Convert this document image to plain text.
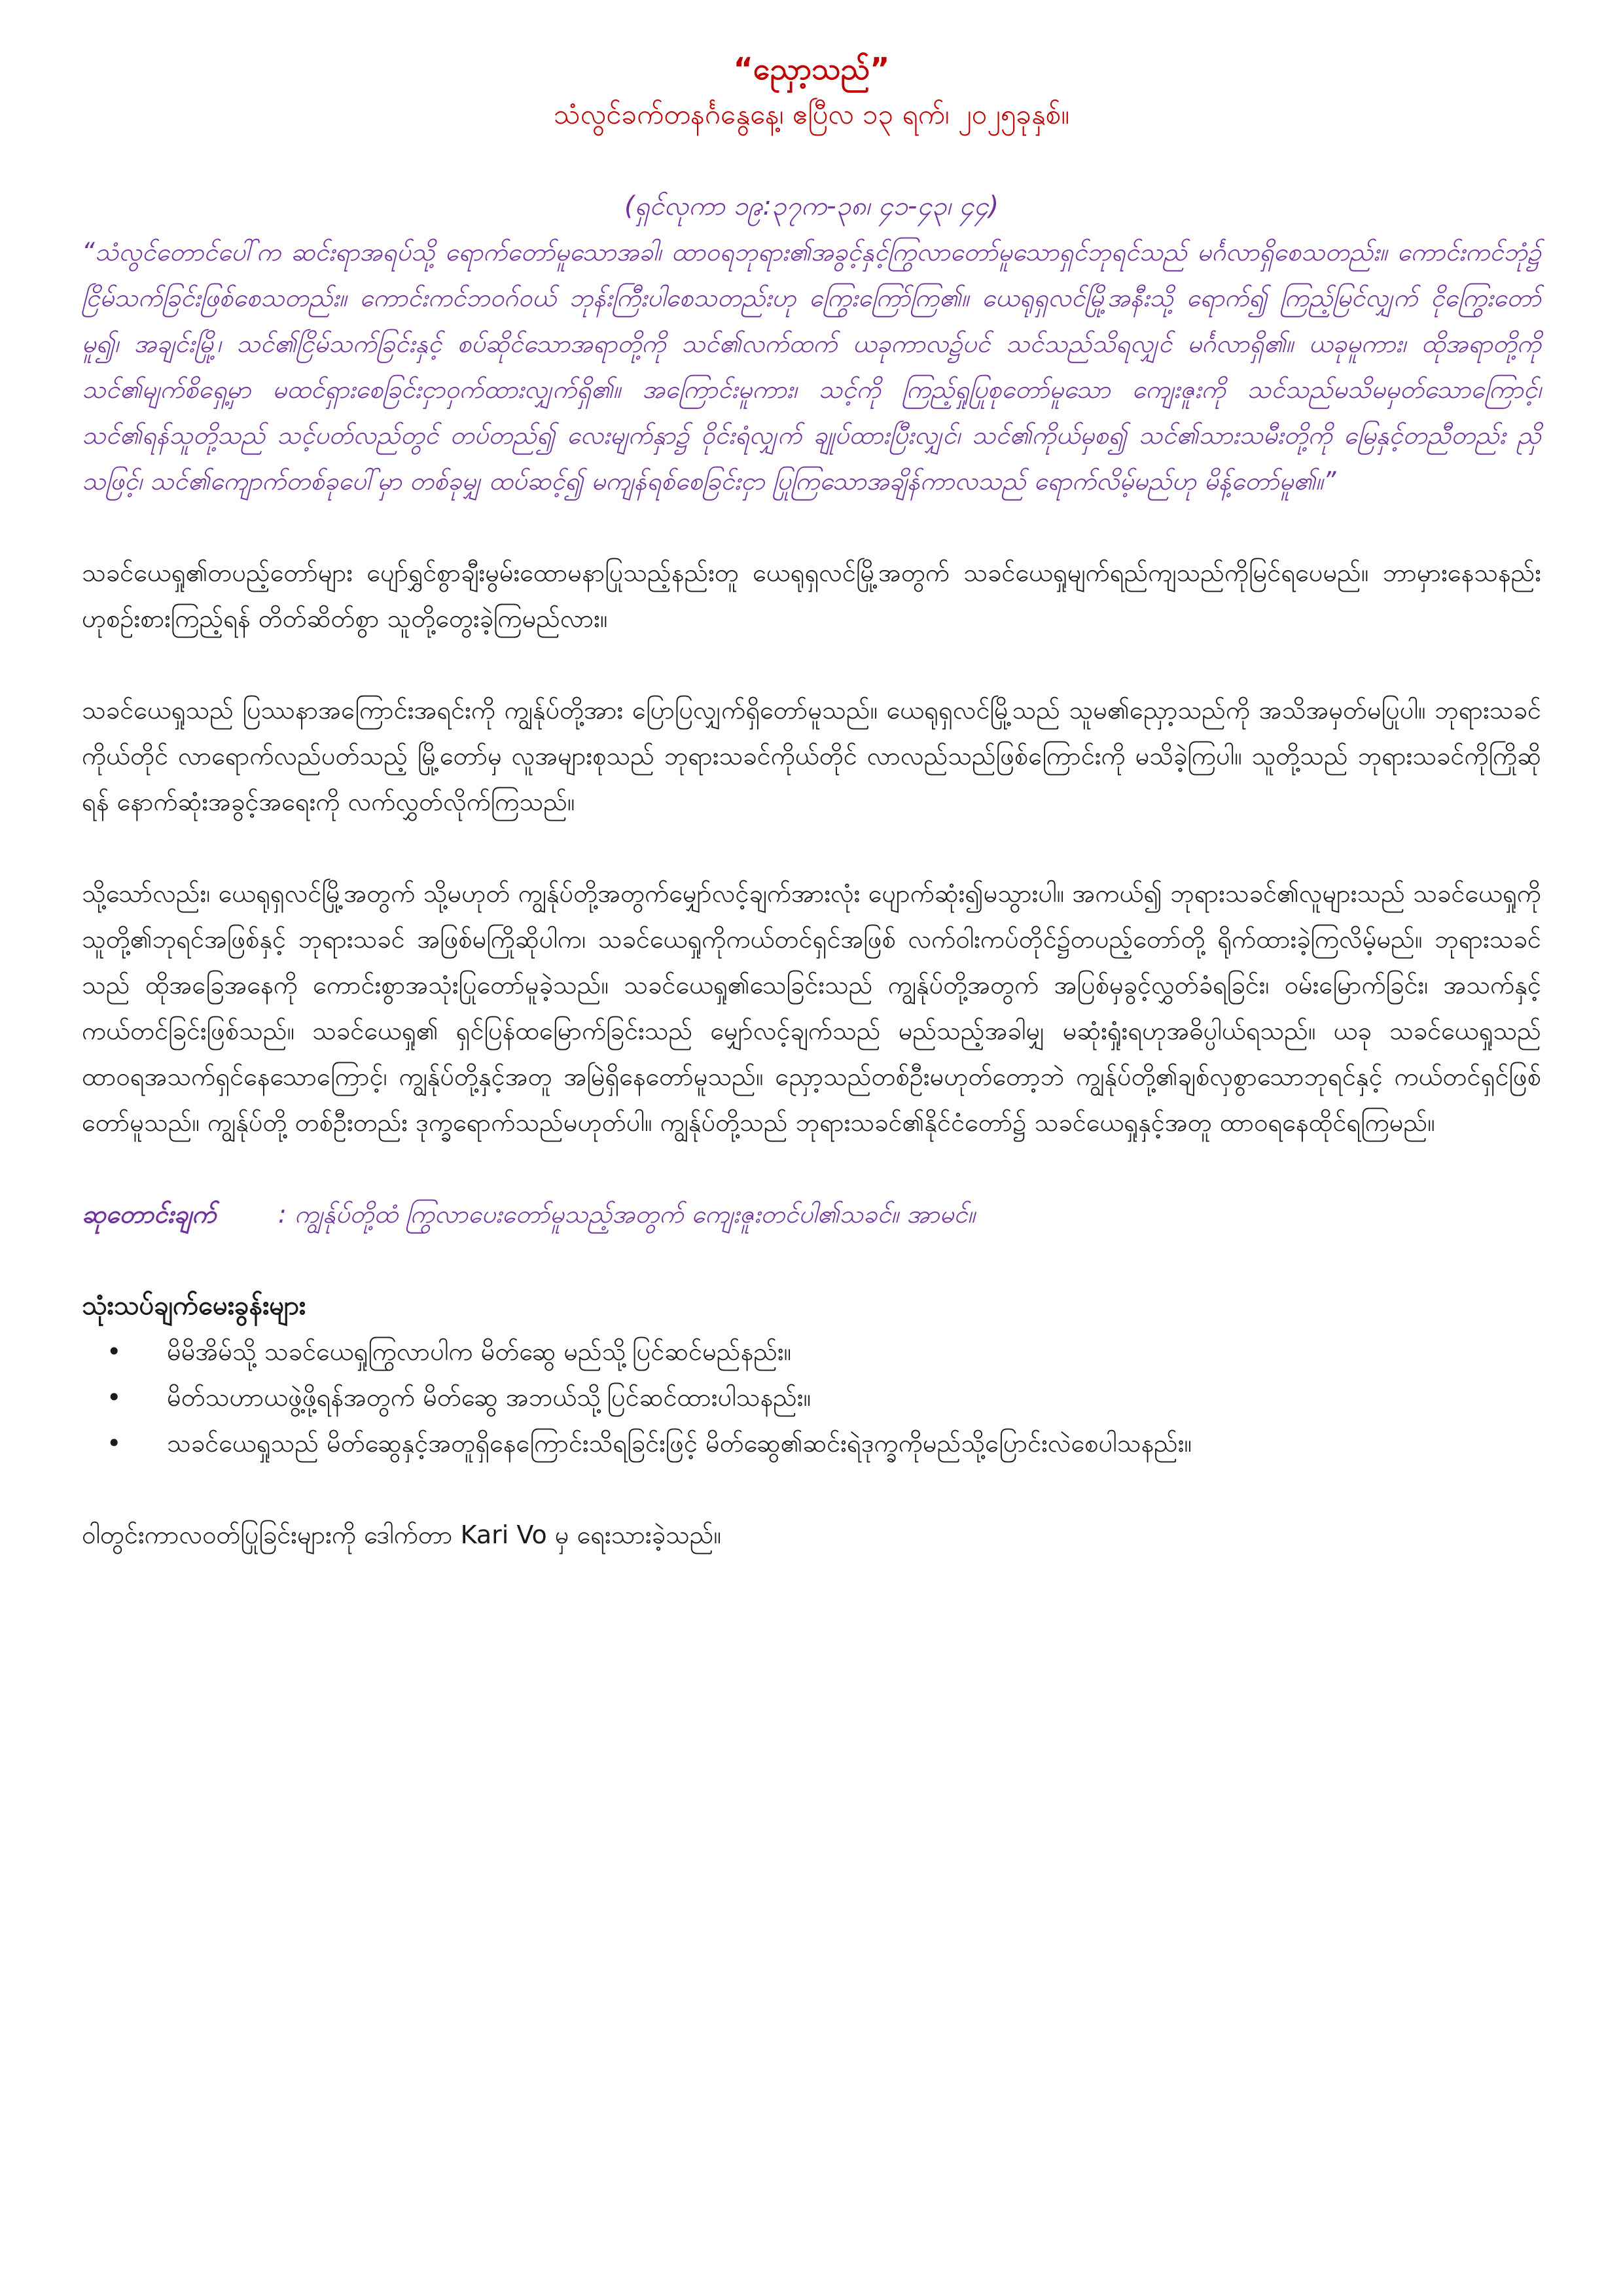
“ညှော့သည်”

သံလွင်ခက်တနင်္ဂနွေနေ့၊ ဧပြီလ ၁၃ ရက်၊ ၂၀၂၅ခုနှစ်။

(ရှင်လုကာ ၁၉:၃၇က-၃၈၊ ၄၁-၄၃၊ ၄၄)

“သံလွင်တောင်ပေါ်က ဆင်းရာအရပ်သို့ ရောက်တော်မူသောအခါ၊ ထာဝရဘုရား၏အခွင့်နှင့်ကြွလာတော်မူသောရှင်ဘုရင်သည် မင်္ဂလာရှိစေသတည်း။ ကောင်းကင်ဘုံ၌ ငြိမ်သက်ခြင်းဖြစ်စေသတည်း။ ကောင်းကင်ဘဝဂ်ဝယ် ဘုန်းကြီးပါစေသတည်းဟု ကြွေးကြော်ကြ၏။ ယေရုရှလင်မြို့အနီးသို့ ရောက်၍ ကြည့်မြင်လျှက် ငိုကြွေးတော်မူ၍၊ အချင်းမြို့၊ သင်၏ငြိမ်သက်ခြင်းနှင့် စပ်ဆိုင်သောအရာတို့ကို သင်၏လက်ထက် ယခုကာလ၌ပင် သင်သည်သိရလျှင် မင်္ဂလာရှိ၏။ ယခုမူကား၊ ထိုအရာတို့ကို သင်၏မျက်စိရှေ့မှာ မထင်ရှားစေခြင်းငှာဝှက်ထားလျှက်ရှိ၏။ အကြောင်းမူကား၊ သင့်ကို ကြည့်ရှုပြုစုတော်မူသော ကျေးဇူးကို သင်သည်မသိမမှတ်သောကြောင့်၊ သင်၏ရန်သူတို့သည် သင့်ပတ်လည်တွင် တပ်တည်၍ လေးမျက်နှာ၌ ဝိုင်းရံလျှက် ချုပ်ထားပြီးလျှင်၊ သင်၏ကိုယ်မှစ၍ သင်၏သားသမီးတို့ကို မြေနှင့်တညီတည်း ညှိသဖြင့်၊ သင်၏ကျောက်တစ်ခုပေါ်မှာ တစ်ခုမျှ ထပ်ဆင့်၍ မကျန်ရစ်စေခြင်းငှာ ပြုကြသောအချိန်ကာလသည် ရောက်လိမ့်မည်ဟု မိန့်တော်မူ၏။”

သခင်ယေရှု၏တပည့်တော်များ ပျော်ရွှင်စွာချီးမွမ်းထောမနာပြုသည့်နည်းတူ ယေရုရှလင်မြို့အတွက် သခင်ယေရှုမျက်ရည်ကျသည်ကိုမြင်ရပေမည်။ ဘာမှားနေသနည်းဟုစဉ်းစားကြည့်ရန် တိတ်ဆိတ်စွာ သူတို့တွေးခဲ့ကြမည်လား။

သခင်ယေရှုသည် ပြဿနာအကြောင်းအရင်းကို ကျွန်ုပ်တို့အား ပြောပြလျှက်ရှိတော်မူသည်။ ယေရုရှလင်မြို့သည် သူမ၏ညှော့သည်ကို အသိအမှတ်မပြုပါ။ ဘုရားသခင်ကိုယ်တိုင် လာရောက်လည်ပတ်သည့် မြို့တော်မှ လူအများစုသည် ဘုရားသခင်ကိုယ်တိုင် လာလည်သည်ဖြစ်ကြောင်းကို မသိခဲ့ကြပါ။ သူတို့သည် ဘုရားသခင်ကိုကြိုဆိုရန် နောက်ဆုံးအခွင့်အရေးကို လက်လွှတ်လိုက်ကြသည်။

သို့သော်လည်း၊ ယေရုရှလင်မြို့အတွက် သို့မဟုတ် ကျွန်ုပ်တို့အတွက်မျှော်လင့်ချက်အားလုံး ပျောက်ဆုံး၍မသွားပါ။ အကယ်၍ ဘုရားသခင်၏လူများသည် သခင်ယေရှုကို သူတို့၏ဘုရင်အဖြစ်နှင့် ဘုရားသခင် အဖြစ်မကြိုဆိုပါက၊ သခင်ယေရှုကိုကယ်တင်ရှင်အဖြစ် လက်ဝါးကပ်တိုင်၌တပည့်တော်တို့ ရိုက်ထားခဲ့ကြလိမ့်မည်။ ဘုရားသခင်သည် ထိုအခြေအနေကို ကောင်းစွာအသုံးပြုတော်မူခဲ့သည်။ သခင်ယေရှု၏သေခြင်းသည် ကျွန်ုပ်တို့အတွက် အပြစ်မှခွင့်လွှတ်ခံရခြင်း၊ ဝမ်းမြောက်ခြင်း၊ အသက်နှင့် ကယ်တင်ခြင်းဖြစ်သည်။ သခင်ယေရှု၏ ရှင်ပြန်ထမြောက်ခြင်းသည် မျှော်လင့်ချက်သည် မည်သည့်အခါမျှ မဆုံးရှုံးရဟုအဓိပ္ပါယ်ရသည်။ ယခု သခင်ယေရှုသည် ထာဝရအသက်ရှင်နေသောကြောင့်၊ ကျွန်ုပ်တို့နှင့်အတူ အမြဲရှိနေတော်မူသည်။ ညှော့သည်တစ်ဦးမဟုတ်တော့ဘဲ ကျွန်ုပ်တို့၏ချစ်လှစွာသောဘုရင်နှင့် ကယ်တင်ရှင်ဖြစ်တော်မူသည်။ ကျွန်ုပ်တို့ တစ်ဦးတည်း ဒုက္ခရောက်သည်မဟုတ်ပါ။ ကျွန်ုပ်တို့သည် ဘုရားသခင်၏နိုင်ငံတော်၌ သခင်ယေရှုနှင့်အတူ ထာဝရနေထိုင်ရကြမည်။

ဆုတောင်းချက် : ကျွန်ုပ်တို့ထံ ကြွလာပေးတော်မူသည့်အတွက် ကျေးဇူးတင်ပါ၏သခင်။ အာမင်။

သုံးသပ်ချက်မေးခွန်းများ
• မိမိအိမ်သို့ သခင်ယေရှုကြွလာပါက မိတ်ဆွေ မည်သို့ပြင်ဆင်မည်နည်း။
• မိတ်သဟာယဖွဲ့ဖို့ရန်အတွက် မိတ်ဆွေ အဘယ်သို့ပြင်ဆင်ထားပါသနည်း။
• သခင်ယေရှုသည် မိတ်ဆွေနှင့်အတူရှိနေကြောင်းသိရခြင်းဖြင့် မိတ်ဆွေ၏ဆင်းရဲဒုက္ခကိုမည်သို့ပြောင်းလဲစေပါသနည်း။

ဝါတွင်းကာလဝတ်ပြုခြင်းများကို ဒေါက်တာ Kari Vo မှ ရေးသားခဲ့သည်။
